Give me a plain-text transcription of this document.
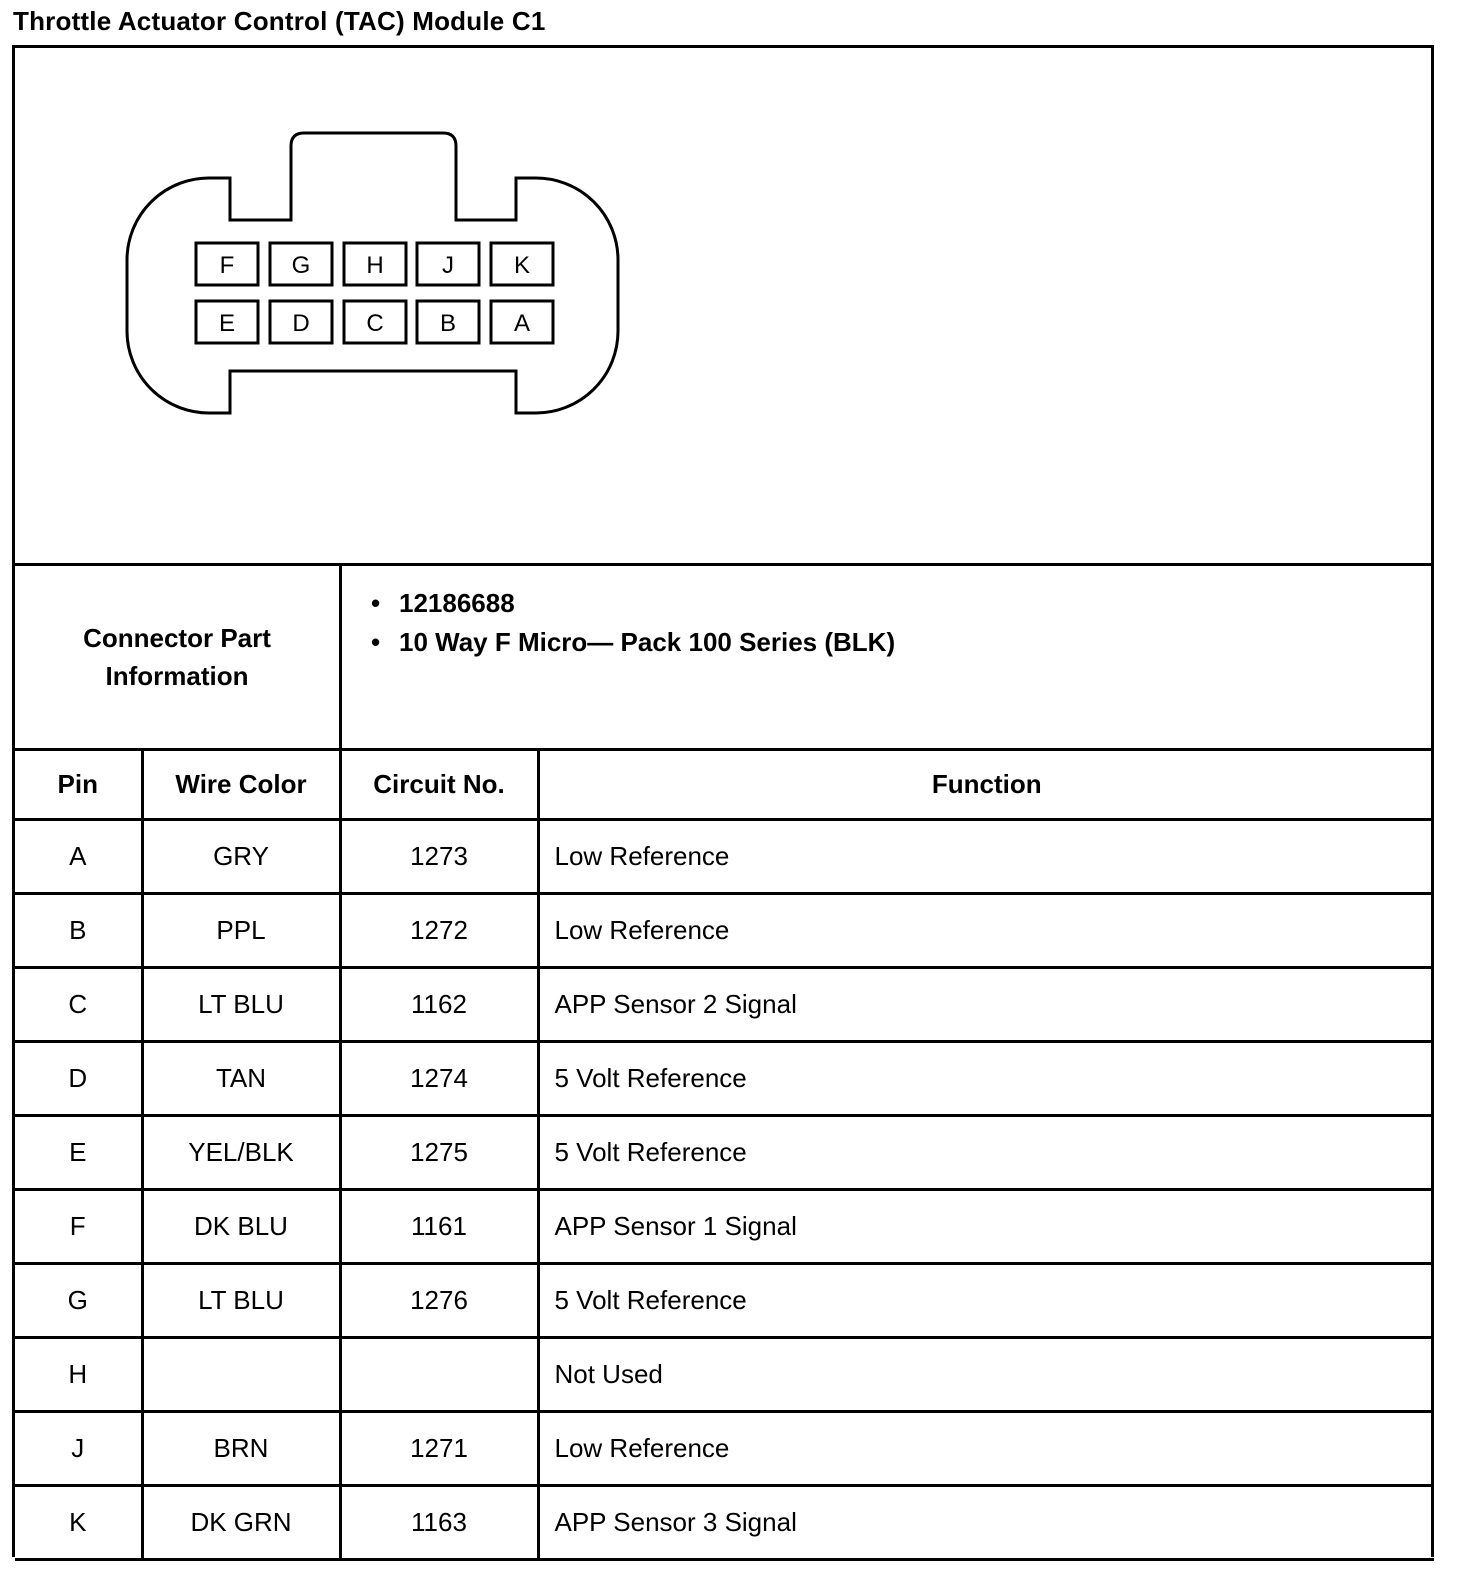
Throttle Actuator Control (TAC) Module C1
F G H J K
E D C B A
Connector Part
Information
• 12186688
• 10 Way F Micro— Pack 100 Series (BLK)
Pin	Wire Color	Circuit No.	Function
A	GRY	1273	Low Reference
B	PPL	1272	Low Reference
C	LT BLU	1162	APP Sensor 2 Signal
D	TAN	1274	5 Volt Reference
E	YEL/BLK	1275	5 Volt Reference
F	DK BLU	1161	APP Sensor 1 Signal
G	LT BLU	1276	5 Volt Reference
H			Not Used
J	BRN	1271	Low Reference
K	DK GRN	1163	APP Sensor 3 Signal
